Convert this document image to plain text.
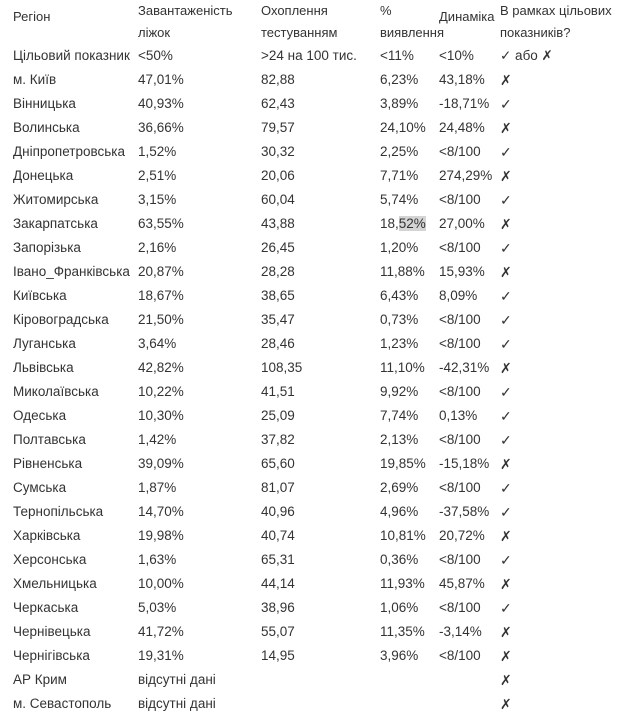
Регіон	Завантаженість ліжок	Охоплення тестуванням	% виявлення	Динаміка	В рамках цільових показників?
Цільовий показник	<50%	>24 на 100 тис.	<11%	<10%	✓ або ✗
м. Київ	47,01%	82,88	6,23%	43,18%	✗
Вінницька	40,93%	62,43	3,89%	-18,71%	✓
Волинська	36,66%	79,57	24,10%	24,48%	✗
Дніпропетровська	1,52%	30,32	2,25%	<8/100	✓
Донецька	2,51%	20,06	7,71%	274,29%	✗
Житомирська	3,15%	60,04	5,74%	<8/100	✓
Закарпатська	63,55%	43,88	18,52%	27,00%	✗
Запорізька	2,16%	26,45	1,20%	<8/100	✓
Івано_Франківська	20,87%	28,28	11,88%	15,93%	✗
Київська	18,67%	38,65	6,43%	8,09%	✓
Кіровоградська	21,50%	35,47	0,73%	<8/100	✓
Луганська	3,64%	28,46	1,23%	<8/100	✓
Львівська	42,82%	108,35	11,10%	-42,31%	✗
Миколаївська	10,22%	41,51	9,92%	<8/100	✓
Одеська	10,30%	25,09	7,74%	0,13%	✓
Полтавська	1,42%	37,82	2,13%	<8/100	✓
Рівненська	39,09%	65,60	19,85%	-15,18%	✗
Сумська	1,87%	81,07	2,69%	<8/100	✓
Тернопільська	14,70%	40,96	4,96%	-37,58%	✓
Харківська	19,98%	40,74	10,81%	20,72%	✗
Херсонська	1,63%	65,31	0,36%	<8/100	✓
Хмельницька	10,00%	44,14	11,93%	45,87%	✗
Черкаська	5,03%	38,96	1,06%	<8/100	✓
Чернівецька	41,72%	55,07	11,35%	-3,14%	✗
Чернігівська	19,31%	14,95	3,96%	<8/100	✗
АР Крим	відсутні дані				✗
м. Севастополь	відсутні дані				✗
